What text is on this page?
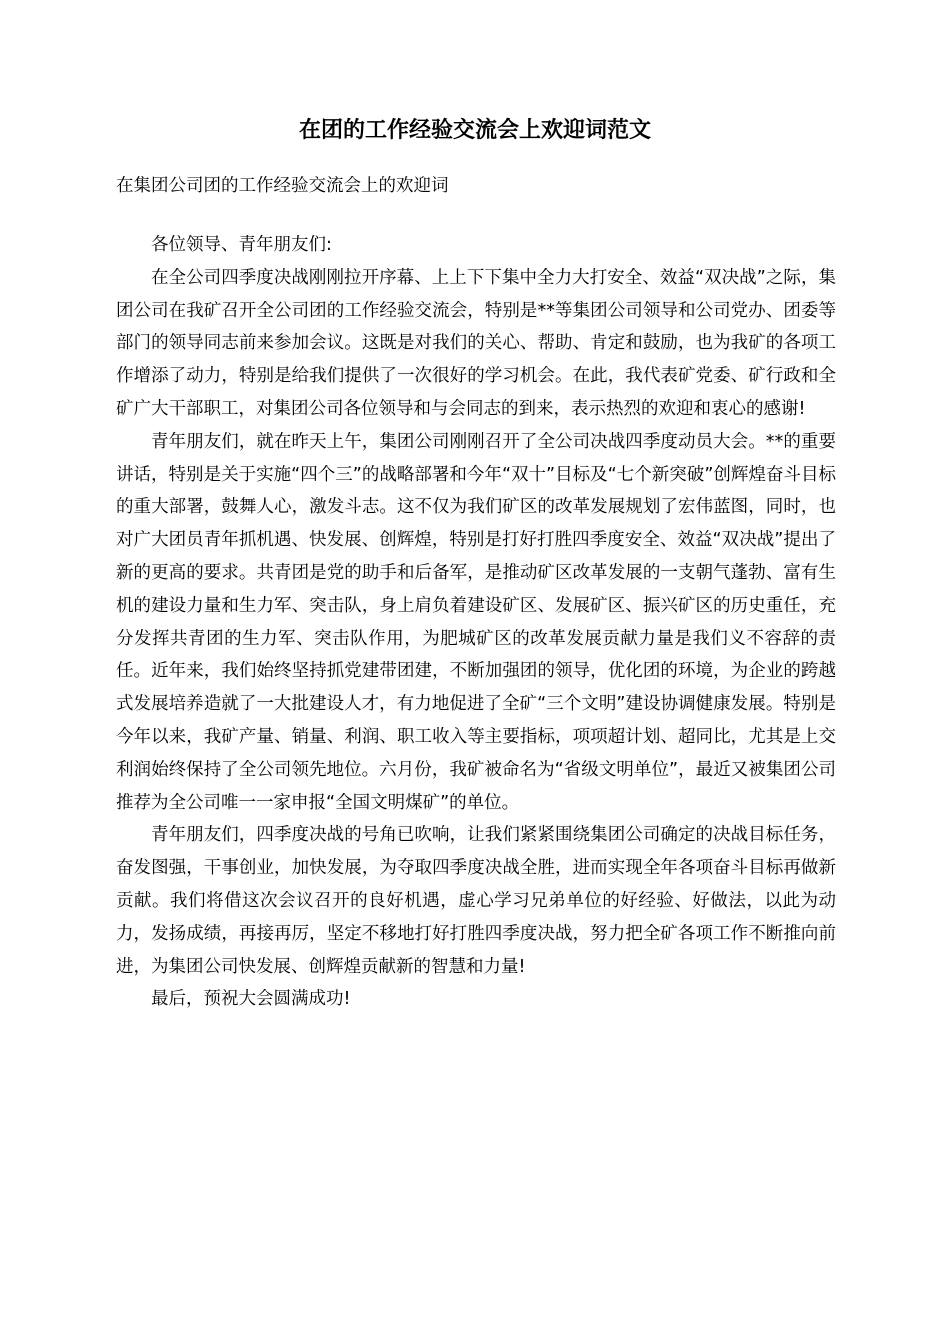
在团的工作经验交流会上欢迎词范文
在集团公司团的工作经验交流会上的欢迎词

各位领导、青年朋友们:

在全公司四季度决战刚刚拉开序幕、上上下下集中全力大打安全、效益“双决战”之际，集团公司在我矿召开全公司团的工作经验交流会，特别是**等集团公司领导和公司党办、团委等部门的领导同志前来参加会议。这既是对我们的关心、帮助、肯定和鼓励，也为我矿的各项工作增添了动力，特别是给我们提供了一次很好的学习机会。在此，我代表矿党委、矿行政和全矿广大干部职工，对集团公司各位领导和与会同志的到来，表示热烈的欢迎和衷心的感谢!

青年朋友们，就在昨天上午，集团公司刚刚召开了全公司决战四季度动员大会。**的重要讲话，特别是关于实施“四个三”的战略部署和今年“双十”目标及“七个新突破”创辉煌奋斗目标的重大部署，鼓舞人心，激发斗志。这不仅为我们矿区的改革发展规划了宏伟蓝图，同时，也对广大团员青年抓机遇、快发展、创辉煌，特别是打好打胜四季度安全、效益“双决战”提出了新的更高的要求。共青团是党的助手和后备军，是推动矿区改革发展的一支朝气蓬勃、富有生机的建设力量和生力军、突击队，身上肩负着建设矿区、发展矿区、振兴矿区的历史重任，充分发挥共青团的生力军、突击队作用，为肥城矿区的改革发展贡献力量是我们义不容辞的责任。近年来，我们始终坚持抓党建带团建，不断加强团的领导，优化团的环境，为企业的跨越式发展培养造就了一大批建设人才，有力地促进了全矿“三个文明”建设协调健康发展。特别是今年以来，我矿产量、销量、利润、职工收入等主要指标，项项超计划、超同比，尤其是上交利润始终保持了全公司领先地位。六月份，我矿被命名为“省级文明单位”，最近又被集团公司推荐为全公司唯一一家申报“全国文明煤矿”的单位。

青年朋友们，四季度决战的号角已吹响，让我们紧紧围绕集团公司确定的决战目标任务，奋发图强，干事创业，加快发展，为夺取四季度决战全胜，进而实现全年各项奋斗目标再做新贡献。我们将借这次会议召开的良好机遇，虚心学习兄弟单位的好经验、好做法，以此为动力，发扬成绩，再接再厉，坚定不移地打好打胜四季度决战，努力把全矿各项工作不断推向前进，为集团公司快发展、创辉煌贡献新的智慧和力量!

最后，预祝大会圆满成功!
